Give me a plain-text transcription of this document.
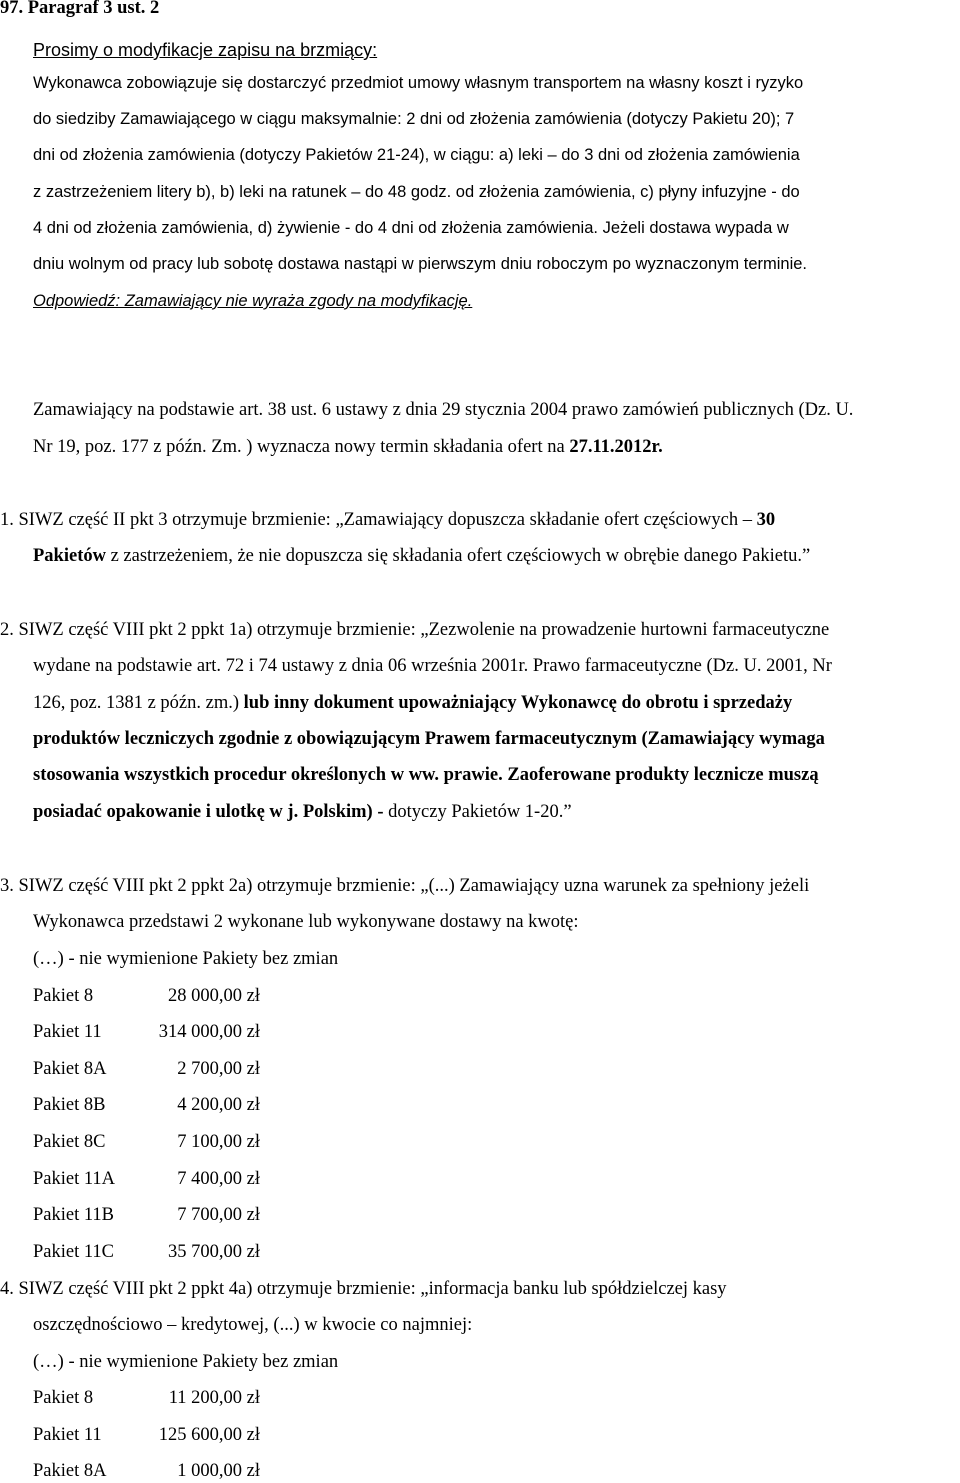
97. Paragraf 3 ust. 2
Prosimy o modyfikacje zapisu na brzmiący:
Wykonawca zobowiązuje się dostarczyć przedmiot umowy własnym transportem na własny koszt i ryzyko
do siedziby Zamawiającego w ciągu maksymalnie: 2 dni od złożenia zamówienia (dotyczy Pakietu 20); 7
dni od złożenia zamówienia (dotyczy Pakietów 21-24), w ciągu: a) leki – do 3 dni od złożenia zamówienia
z zastrzeżeniem litery b), b) leki na ratunek – do 48 godz. od złożenia zamówienia, c) płyny infuzyjne - do
4 dni od złożenia zamówienia, d) żywienie - do 4 dni od złożenia zamówienia. Jeżeli dostawa wypada w
dniu wolnym od pracy lub sobotę dostawa nastąpi w pierwszym dniu roboczym po wyznaczonym terminie.
Odpowiedź: Zamawiający nie wyraża zgody na modyfikację.
Zamawiający na podstawie art. 38 ust. 6 ustawy z dnia 29 stycznia 2004 prawo zamówień publicznych (Dz. U.
Nr 19, poz. 177 z późn. Zm. ) wyznacza nowy termin składania ofert na 27.11.2012r.
1. SIWZ część II pkt 3 otrzymuje brzmienie: „Zamawiający dopuszcza składanie ofert częściowych – 30
Pakietów z zastrzeżeniem, że nie dopuszcza się składania ofert częściowych w obrębie danego Pakietu.”
2. SIWZ część VIII pkt 2 ppkt 1a) otrzymuje brzmienie: „Zezwolenie na prowadzenie hurtowni farmaceutyczne
wydane na podstawie art. 72 i 74 ustawy z dnia 06 września 2001r. Prawo farmaceutyczne (Dz. U. 2001, Nr
126, poz. 1381 z późn. zm.) lub inny dokument upoważniający Wykonawcę do obrotu i sprzedaży
produktów leczniczych zgodnie z obowiązującym Prawem farmaceutycznym (Zamawiający wymaga
stosowania wszystkich procedur określonych w ww. prawie. Zaoferowane produkty lecznicze muszą
posiadać opakowanie i ulotkę w j. Polskim) - dotyczy Pakietów 1-20.”
3. SIWZ część VIII pkt 2 ppkt 2a) otrzymuje brzmienie: „(...) Zamawiający uzna warunek za spełniony jeżeli
Wykonawca przedstawi 2 wykonane lub wykonywane dostawy na kwotę:
(…) - nie wymienione Pakiety bez zmian
Pakiet 8	28 000,00 zł
Pakiet 11	314 000,00 zł
Pakiet 8A	2 700,00 zł
Pakiet 8B	4 200,00 zł
Pakiet 8C	7 100,00 zł
Pakiet 11A	7 400,00 zł
Pakiet 11B	7 700,00 zł
Pakiet 11C	35 700,00 zł
4. SIWZ część VIII pkt 2 ppkt 4a) otrzymuje brzmienie: „informacja banku lub spółdzielczej kasy
oszczędnościowo – kredytowej, (...) w kwocie co najmniej:
(…) - nie wymienione Pakiety bez zmian
Pakiet 8	11 200,00 zł
Pakiet 11	125 600,00 zł
Pakiet 8A	1 000,00 zł
